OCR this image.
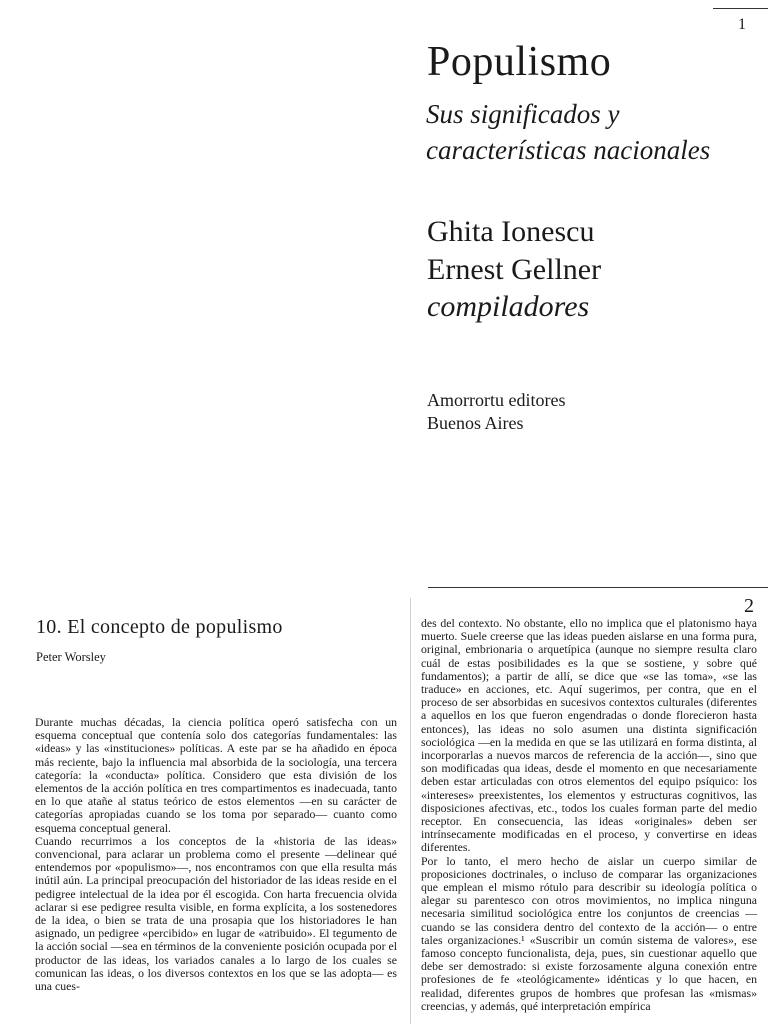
1
Populismo
Sus significados y
características nacionales
Ghita Ionescu
Ernest Gellner
compiladores
Amorrortu editores
Buenos Aires
2
10. El concepto de populismo
Peter Worsley

Durante muchas décadas, la ciencia política operó satisfecha con un esquema conceptual que contenía solo dos categorías fundamentales: las «ideas» y las «instituciones» políticas. A este par se ha añadido en época más reciente, bajo la influencia mal absorbida de la sociología, una tercera categoría: la «conducta» política. Considero que esta división de los elementos de la acción política en tres compartimentos es inadecuada, tanto en lo que atañe al status teórico de estos elementos —en su carácter de categorías apropiadas cuando se los toma por separado— cuanto como esquema conceptual general.

Cuando recurrimos a los conceptos de la «historia de las ideas» convencional, para aclarar un problema como el presente —delinear qué entendemos por «populismo»—, nos encontramos con que ella resulta más inútil aún. La principal preocupación del historiador de las ideas reside en el pedigree intelectual de la idea por él escogida. Con harta frecuencia olvida aclarar si ese pedigree resulta visible, en forma explícita, a los sostenedores de la idea, o bien se trata de una prosapia que los historiadores le han asignado, un pedigree «percibido» en lugar de «atribuido». El tegumento de la acción social —sea en términos de la conveniente posición ocupada por el productor de las ideas, los variados canales a lo largo de los cuales se comunican las ideas, o los diversos contextos en los que se las adopta— es una cues-

des del contexto. No obstante, ello no implica que el platonismo haya muerto. Suele creerse que las ideas pueden aislarse en una forma pura, original, embrionaria o arquetípica (aunque no siempre resulta claro cuál de estas posibilidades es la que se sostiene, y sobre qué fundamentos); a partir de allí, se dice que «se las toma», «se las traduce» en acciones, etc. Aquí sugerimos, per contra, que en el proceso de ser absorbidas en sucesivos contextos culturales (diferentes a aquellos en los que fueron engendradas o donde florecieron hasta entonces), las ideas no solo asumen una distinta significación sociológica —en la medida en que se las utilizará en forma distinta, al incorporarlas a nuevos marcos de referencia de la acción—, sino que son modificadas qua ideas, desde el momento en que necesariamente deben estar articuladas con otros elementos del equipo psíquico: los «intereses» preexistentes, los elementos y estructuras cognitivos, las disposiciones afectivas, etc., todos los cuales forman parte del medio receptor. En consecuencia, las ideas «originales» deben ser intrínsecamente modificadas en el proceso, y convertirse en ideas diferentes.

Por lo tanto, el mero hecho de aislar un cuerpo similar de proposiciones doctrinales, o incluso de comparar las organizaciones que emplean el mismo rótulo para describir su ideología política o alegar su parentesco con otros movimientos, no implica ninguna necesaria similitud sociológica entre los conjuntos de creencias —cuando se las considera dentro del contexto de la acción— o entre tales organizaciones.¹ «Suscribir un común sistema de valores», ese famoso concepto funcionalista, deja, pues, sin cuestionar aquello que debe ser demostrado: si existe forzosamente alguna conexión entre profesiones de fe «teológicamente» idénticas y lo que hacen, en realidad, diferentes grupos de hombres que profesan las «mismas» creencias, y además, qué interpretación empírica
